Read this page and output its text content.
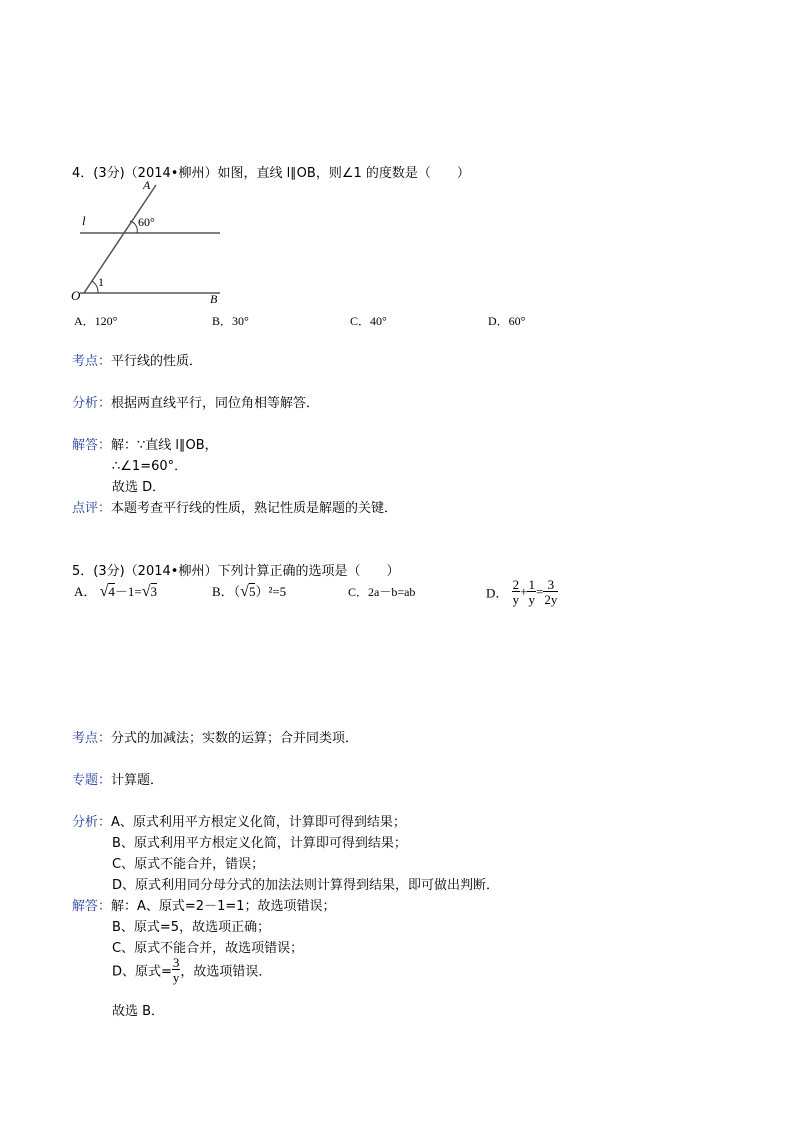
4．(3分)（2014•柳州）如图，直线 l∥OB，则∠1 的度数是（　　）
A
l	60°
1
O	B
A．120°	B．30°	C．40°	D．60°
考点：平行线的性质．
分析：根据两直线平行，同位角相等解答．
解答：解：∵直线 l∥OB，
∴∠1=60°．
故选 D．
点评：本题考查平行线的性质，熟记性质是解题的关键．
5．(3分)（2014•柳州）下列计算正确的选项是（　　）
A． √4－1=√3	B．（√5）²=5	C．2a－b=ab	D． $\frac{2}{y} + \frac{1}{y} = \frac{3}{2y}$
考点：分式的加减法；实数的运算；合并同类项．
专题：计算题．
分析：A、原式利用平方根定义化简，计算即可得到结果；
B、原式利用平方根定义化简，计算即可得到结果；
C、原式不能合并，错误；
D、原式利用同分母分式的加法法则计算得到结果，即可做出判断．
解答：解：A、原式=2－1=1；故选项错误；
B、原式=5，故选项正确；
C、原式不能合并，故选项错误；
D、原式= $\frac{3}{y}$ ，故选项错误．
故选 B．
